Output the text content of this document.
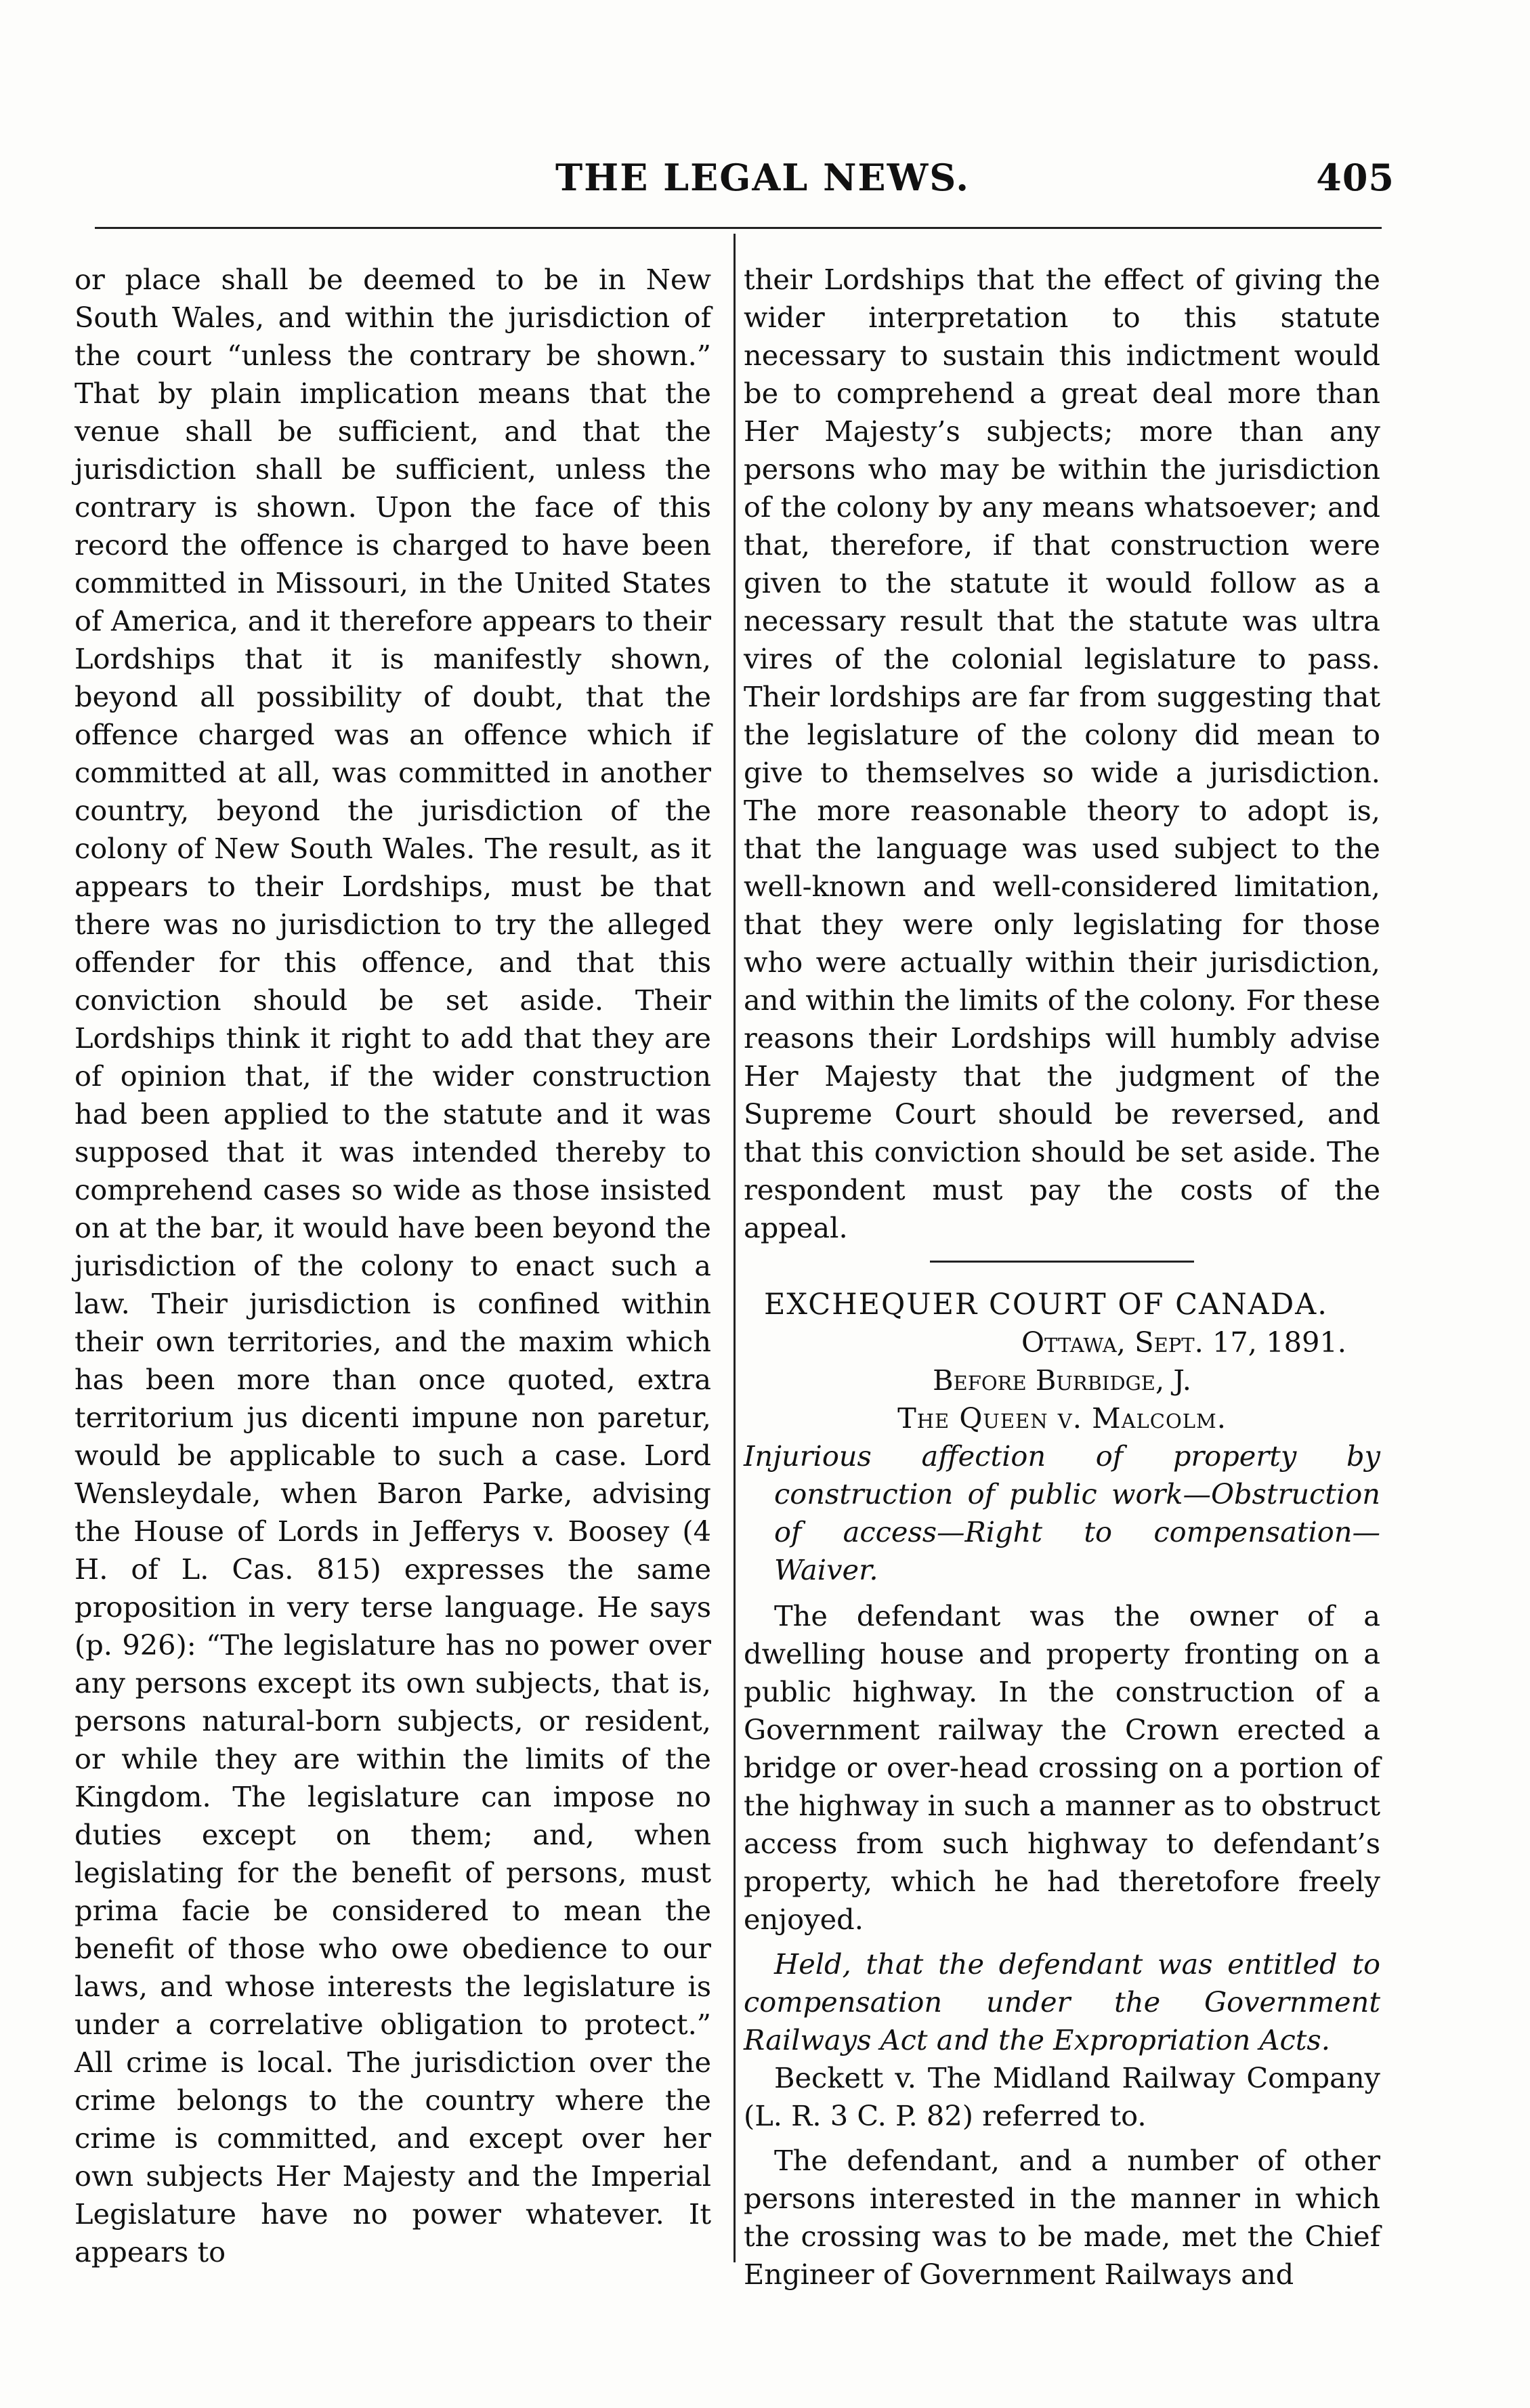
THE LEGAL NEWS.	405

or place shall be deemed to be in New South Wales, and within the jurisdiction of the court “unless the contrary be shown.” That by plain implication means that the venue shall be sufficient, and that the jurisdiction shall be sufficient, unless the contrary is shown. Upon the face of this record the offence is charged to have been committed in Missouri, in the United States of America, and it therefore appears to their Lordships that it is manifestly shown, beyond all possibility of doubt, that the offence charged was an offence which if committed at all, was committed in another country, beyond the jurisdiction of the colony of New South Wales. The result, as it appears to their Lordships, must be that there was no jurisdiction to try the alleged offender for this offence, and that this conviction should be set aside. Their Lordships think it right to add that they are of opinion that, if the wider construction had been applied to the statute and it was supposed that it was intended thereby to comprehend cases so wide as those insisted on at the bar, it would have been beyond the jurisdiction of the colony to enact such a law. Their jurisdiction is confined within their own territories, and the maxim which has been more than once quoted, extra territorium jus dicenti impune non paretur, would be applicable to such a case. Lord Wensleydale, when Baron Parke, advising the House of Lords in Jefferys v. Boosey (4 H. of L. Cas. 815) expresses the same proposition in very terse language. He says (p. 926): “The legislature has no power over any persons except its own subjects, that is, persons natural-born subjects, or resident, or while they are within the limits of the Kingdom. The legislature can impose no duties except on them; and, when legislating for the benefit of persons, must prima facie be considered to mean the benefit of those who owe obedience to our laws, and whose interests the legislature is under a correlative obligation to protect.” All crime is local. The jurisdiction over the crime belongs to the country where the crime is committed, and except over her own subjects Her Majesty and the Imperial Legislature have no power whatever. It appears to

their Lordships that the effect of giving the wider interpretation to this statute necessary to sustain this indictment would be to comprehend a great deal more than Her Majesty’s subjects; more than any persons who may be within the jurisdiction of the colony by any means whatsoever; and that, therefore, if that construction were given to the statute it would follow as a necessary result that the statute was ultra vires of the colonial legislature to pass. Their lordships are far from suggesting that the legislature of the colony did mean to give to themselves so wide a jurisdiction. The more reasonable theory to adopt is, that the language was used subject to the well-known and well-considered limitation, that they were only legislating for those who were actually within their jurisdiction, and within the limits of the colony. For these reasons their Lordships will humbly advise Her Majesty that the judgment of the Supreme Court should be reversed, and that this conviction should be set aside. The respondent must pay the costs of the appeal.

EXCHEQUER COURT OF CANADA.

Ottawa, Sept. 17, 1891.

Before Burbidge, J.

The Queen v. Malcolm.

Injurious affection of property by construction of public work—Obstruction of access—Right to compensation—Waiver.

The defendant was the owner of a dwelling house and property fronting on a public highway. In the construction of a Government railway the Crown erected a bridge or over-head crossing on a portion of the highway in such a manner as to obstruct access from such highway to defendant’s property, which he had theretofore freely enjoyed.

Held, that the defendant was entitled to compensation under the Government Railways Act and the Expropriation Acts.

Beckett v. The Midland Railway Company (L. R. 3 C. P. 82) referred to.

The defendant, and a number of other persons interested in the manner in which the crossing was to be made, met the Chief Engineer of Government Railways and
